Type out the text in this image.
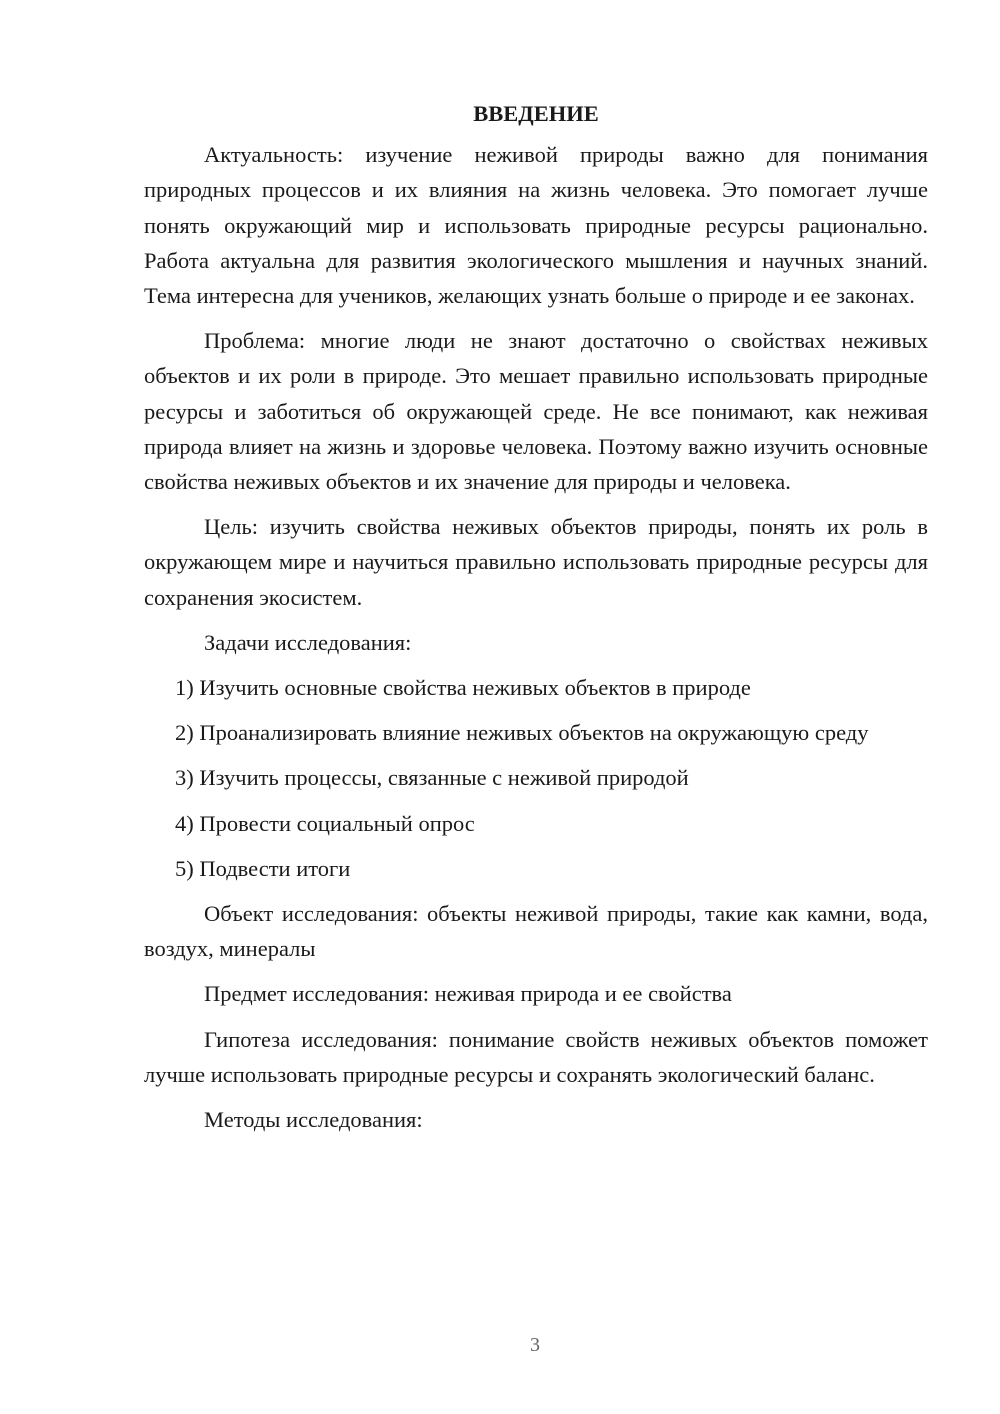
ВВЕДЕНИЕ

Актуальность: изучение неживой природы важно для понимания природных процессов и их влияния на жизнь человека. Это помогает лучше понять окружающий мир и использовать природные ресурсы рационально. Работа актуальна для развития экологического мышления и научных знаний. Тема интересна для учеников, желающих узнать больше о природе и ее законах.

Проблема: многие люди не знают достаточно о свойствах неживых объектов и их роли в природе. Это мешает правильно использовать природные ресурсы и заботиться об окружающей среде. Не все понимают, как неживая природа влияет на жизнь и здоровье человека. Поэтому важно изучить основные свойства неживых объектов и их значение для природы и человека.

Цель: изучить свойства неживых объектов природы, понять их роль в окружающем мире и научиться правильно использовать природные ресурсы для сохранения экосистем.

Задачи исследования:

1) Изучить основные свойства неживых объектов в природе

2) Проанализировать влияние неживых объектов на окружающую среду

3) Изучить процессы, связанные с неживой природой

4) Провести социальный опрос

5) Подвести итоги

Объект исследования: объекты неживой природы, такие как камни, вода, воздух, минералы

Предмет исследования: неживая природа и ее свойства

Гипотеза исследования: понимание свойств неживых объектов поможет лучше использовать природные ресурсы и сохранять экологический баланс.

Методы исследования:

3
